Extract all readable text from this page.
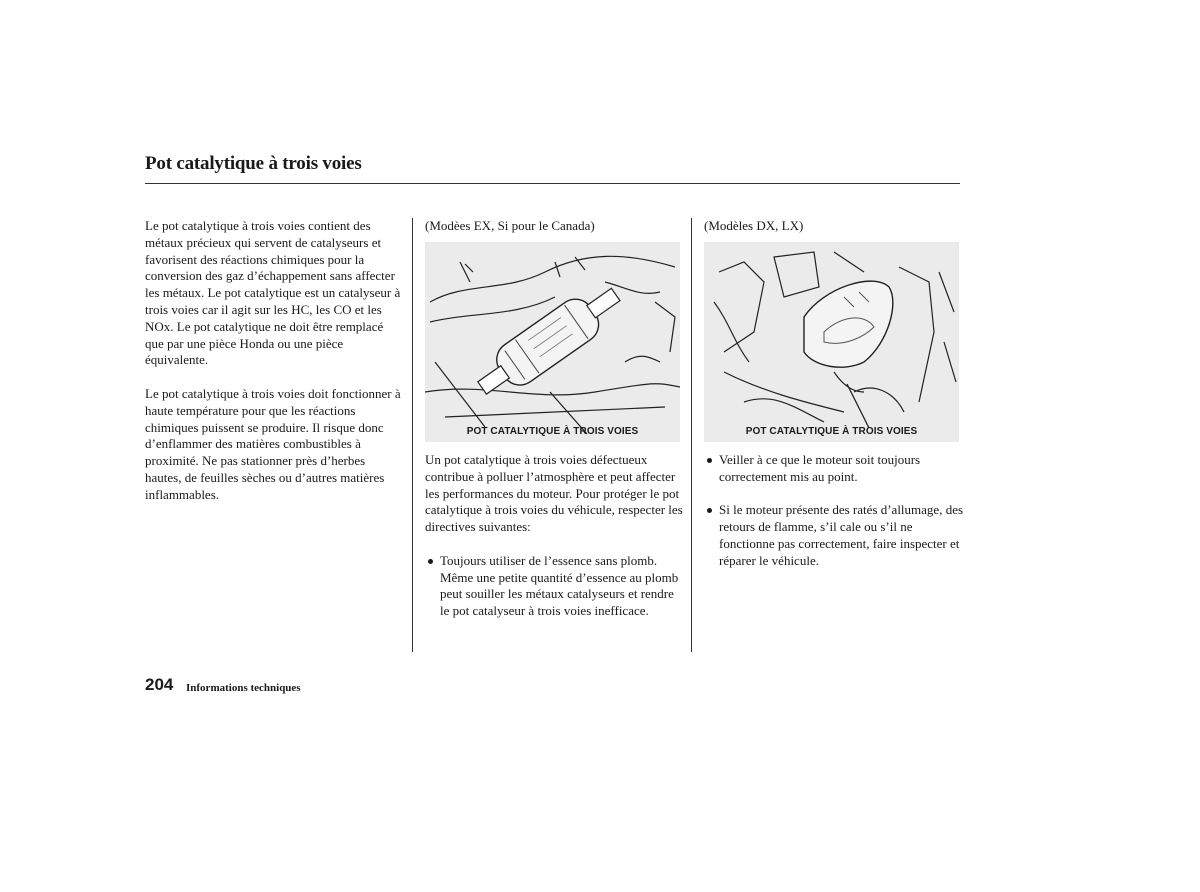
Pot catalytique à trois voies

Le pot catalytique à trois voies contient des métaux précieux qui servent de catalyseurs et favorisent des réactions chimiques pour la conversion des gaz d’échappement sans affecter les métaux. Le pot catalytique est un catalyseur à trois voies car il agit sur les HC, les CO et les NOx. Le pot catalytique ne doit être remplacé que par une pièce Honda ou une pièce équivalente.

Le pot catalytique à trois voies doit fonctionner à haute température pour que les réactions chimiques puissent se produire. Il risque donc d’enflammer des matières combustibles à proximité. Ne pas stationner près d’herbes hautes, de feuilles sèches ou d’autres matières inflammables.

(Modèes EX, Si pour le Canada)
POT CATALYTIQUE À TROIS VOIES

Un pot catalytique à trois voies défectueux contribue à polluer l’atmosphère et peut affecter les performances du moteur. Pour protéger le pot catalytique à trois voies du véhicule, respecter les directives suivantes:

Toujours utiliser de l’essence sans plomb. Même une petite quantité d’essence au plomb peut souiller les métaux catalyseurs et rendre le pot catalyseur à trois voies inefficace.
(Modèles DX, LX)
POT CATALYTIQUE À TROIS VOIES
Veiller à ce que le moteur soit toujours correctement mis au point.
Si le moteur présente des ratés d’allumage, des retours de flamme, s’il cale ou s’il ne fonctionne pas correctement, faire inspecter et réparer le véhicule.
204 Informations techniques
